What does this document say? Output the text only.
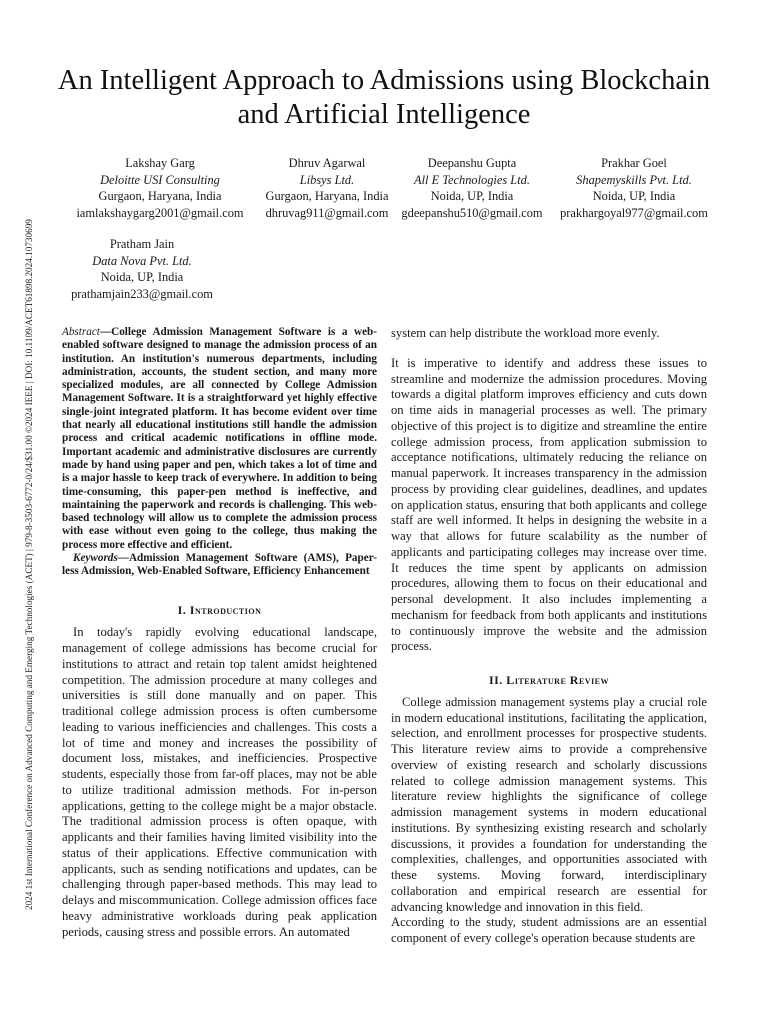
2024 1st International Conference on Advanced Computing and Emerging Technologies (ACET) | 979-8-3503-6772-0/24/$31.00 ©2024 IEEE | DOI: 10.1109/ACET61898.2024.10730699
An Intelligent Approach to Admissions using Blockchain and Artificial Intelligence
Lakshay Garg
Deloitte USI Consulting
Gurgaon, Haryana, India
iamlakshaygarg2001@gmail.com
Dhruv Agarwal
Libsys Ltd.
Gurgaon, Haryana, India
dhruvag911@gmail.com
Deepanshu Gupta
All E Technologies Ltd.
Noida, UP, India
gdeepanshu510@gmail.com
Prakhar Goel
Shapemyskills Pvt. Ltd.
Noida, UP, India
prakhargoyal977@gmail.com
Pratham Jain
Data Nova Pvt. Ltd.
Noida, UP, India
prathamjain233@gmail.com
Abstract—College Admission Management Software is a web-enabled software designed to manage the admission process of an institution. An institution's numerous departments, including administration, accounts, the student section, and many more specialized modules, are all connected by College Admission Management Software. It is a straightforward yet highly effective single-joint integrated platform. It has become evident over time that nearly all educational institutions still handle the admission process and critical academic notifications in offline mode. Important academic and administrative disclosures are currently made by hand using paper and pen, which takes a lot of time and is a major hassle to keep track of everywhere. In addition to being time-consuming, this paper-pen method is ineffective, and maintaining the paperwork and records is challenging. This web-based technology will allow us to complete the admission process with ease without even going to the college, thus making the process more effective and efficient.
Keywords—Admission Management Software (AMS), Paper-less Admission, Web-Enabled Software, Efficiency Enhancement
I. Introduction

In today's rapidly evolving educational landscape, management of college admissions has become crucial for institutions to attract and retain top talent amidst heightened competition. The admission procedure at many colleges and universities is still done manually and on paper. This traditional college admission process is often cumbersome leading to various inefficiencies and challenges. This costs a lot of time and money and increases the possibility of document loss, mistakes, and inefficiencies. Prospective students, especially those from far-off places, may not be able to utilize traditional admission methods. For in-person applications, getting to the college might be a major obstacle. The traditional admission process is often opaque, with applicants and their families having limited visibility into the status of their applications. Effective communication with applicants, such as sending notifications and updates, can be challenging through paper-based methods. This may lead to delays and miscommunication. College admission offices face heavy administrative workloads during peak application periods, causing stress and possible errors. An automated

system can help distribute the workload more evenly.

It is imperative to identify and address these issues to streamline and modernize the admission procedures. Moving towards a digital platform improves efficiency and cuts down on time aids in managerial processes as well. The primary objective of this project is to digitize and streamline the entire college admission process, from application submission to acceptance notifications, ultimately reducing the reliance on manual paperwork. It increases transparency in the admission process by providing clear guidelines, deadlines, and updates on application status, ensuring that both applicants and college staff are well informed. It helps in designing the website in a way that allows for future scalability as the number of applicants and participating colleges may increase over time. It reduces the time spent by applicants on admission procedures, allowing them to focus on their educational and personal development. It also includes implementing a mechanism for feedback from both applicants and institutions to continuously improve the website and the admission process.

II. Literature Review

College admission management systems play a crucial role in modern educational institutions, facilitating the application, selection, and enrollment processes for prospective students. This literature review aims to provide a comprehensive overview of existing research and scholarly discussions related to college admission management systems. This literature review highlights the significance of college admission management systems in modern educational institutions. By synthesizing existing research and scholarly discussions, it provides a foundation for understanding the complexities, challenges, and opportunities associated with these systems. Moving forward, interdisciplinary collaboration and empirical research are essential for advancing knowledge and innovation in this field.

According to the study, student admissions are an essential component of every college's operation because students are
